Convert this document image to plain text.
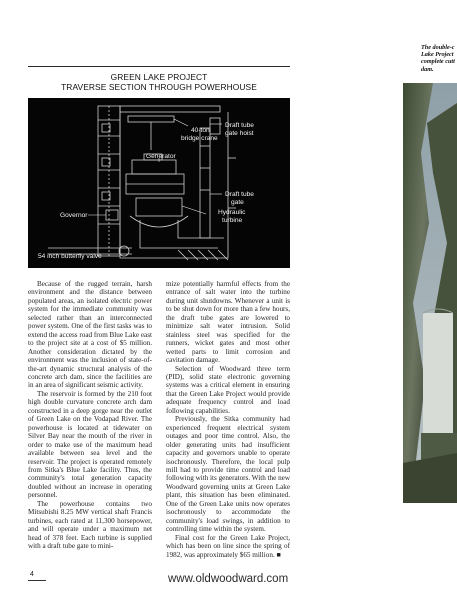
GREEN LAKE PROJECT
TRAVERSE SECTION THROUGH POWERHOUSE
40-ton
bridge crane
Draft tube
gate hoist
Generator
Draft tube
gate
Hydraulic
turbine
Governor
54 inch butterfly valve

Because of the rugged terrain, harsh environment and the distance between populated areas, an isolated electric power system for the immediate community was selected rather than an interconnected power system. One of the first tasks was to extend the access road from Blue Lake east to the project site at a cost of $5 million. Another consideration dictated by the environment was the inclusion of state-of-the-art dynamic structural analysis of the concrete arch dam, since the facilities are in an area of significant seismic activity.

The reservoir is formed by the 210 foot high double curvature concrete arch dam constructed in a deep gorge near the outlet of Green Lake on the Vodapad River. The powerhouse is located at tidewater on Silver Bay near the mouth of the river in order to make use of the maximum head available between sea level and the reservoir. The project is operated remotely from Sitka's Blue Lake facility. Thus, the community's total generation capacity doubled without an increase in operating personnel.

The powerhouse contains two Mitsubishi 8.25 MW vertical shaft Francis turbines, each rated at 11,300 horsepower, and will operate under a maximum net head of 378 feet. Each turbine is supplied with a draft tube gate to mini-

mize potentially harmful effects from the entrance of salt water into the turbine during unit shutdowns. Whenever a unit is to be shut down for more than a few hours, the draft tube gates are lowered to minimize salt water intrusion. Solid stainless steel was specified for the runners, wicket gates and most other wetted parts to limit corrosion and cavitation damage.

Selection of Woodward three term (PID), solid state electronic governing systems was a critical element in ensuring that the Green Lake Project would provide adequate frequency control and load following capabilities.

Previously, the Sitka community had experienced frequent electrical system outages and poor time control. Also, the older generating units had insufficient capacity and governors unable to operate isochronously. Therefore, the local pulp mill had to provide time control and load following with its generators. With the new Woodward governing units at Green Lake plant, this situation has been eliminated. One of the Green Lake units now operates isochronously to accommodate the community's load swings, in addition to controlling time within the system.

Final cost for the Green Lake Project, which has been on line since the spring of 1982, was approximately $65 million. ■

The double-c
Lake Project
complete cutt
dam.
4	www.oldwoodward.com
